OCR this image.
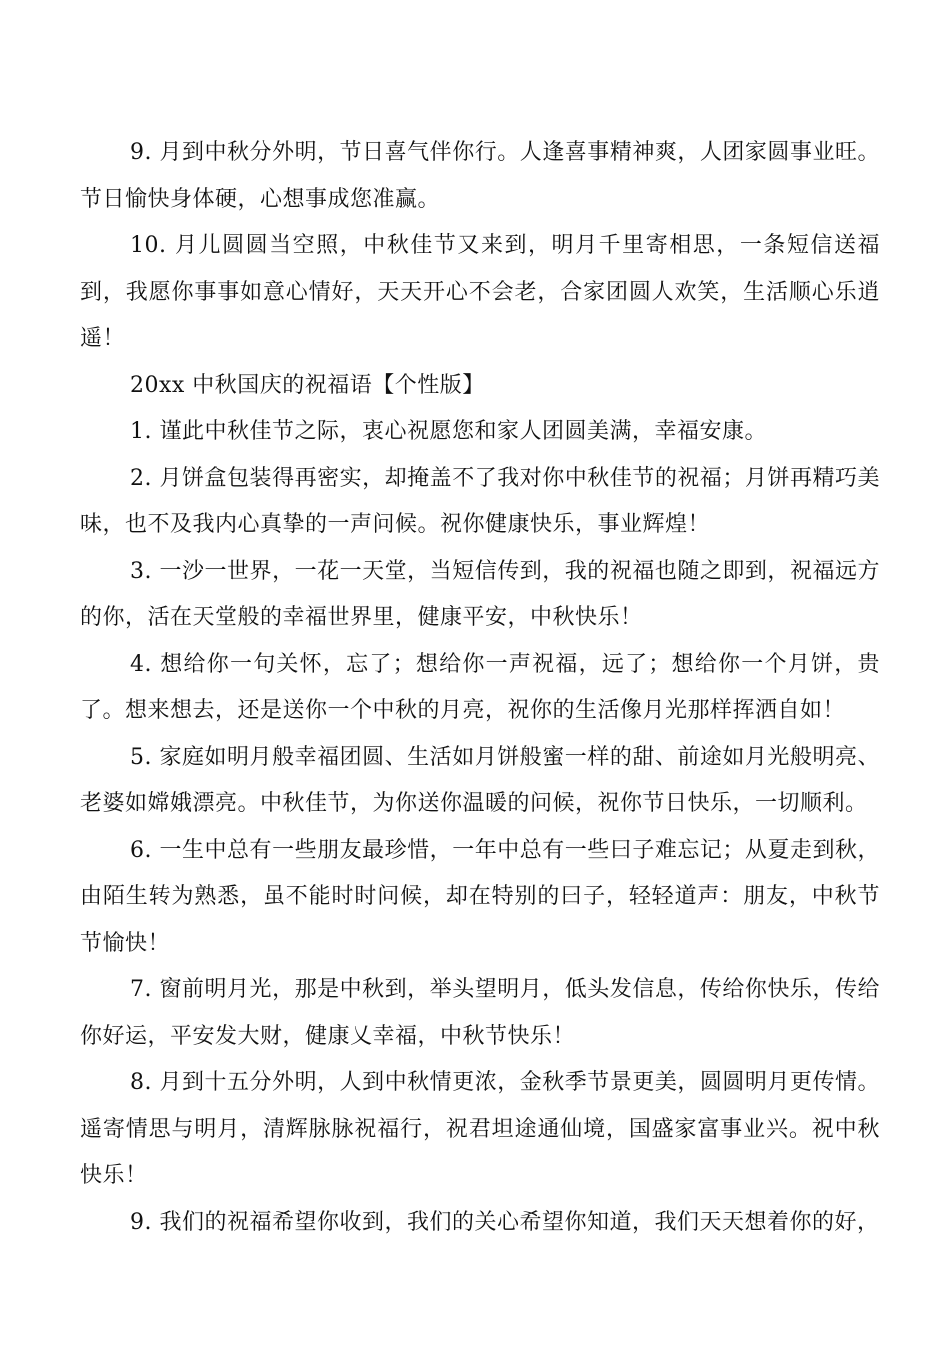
9. 月到中秋分外明，节日喜气伴你行。人逢喜事精神爽，人团家圆事业旺。节日愉快身体硬，心想事成您准赢。

10. 月儿圆圆当空照，中秋佳节又来到，明月千里寄相思，一条短信送福到，我愿你事事如意心情好，天天开心不会老，合家团圆人欢笑，生活顺心乐逍遥！

20xx 中秋国庆的祝福语【个性版】

1. 谨此中秋佳节之际，衷心祝愿您和家人团圆美满，幸福安康。

2. 月饼盒包装得再密实，却掩盖不了我对你中秋佳节的祝福；月饼再精巧美味，也不及我内心真挚的一声问候。祝你健康快乐，事业辉煌！

3. 一沙一世界，一花一天堂，当短信传到，我的祝福也随之即到，祝福远方的你，活在天堂般的幸福世界里，健康平安，中秋快乐！

4. 想给你一句关怀，忘了；想给你一声祝福，远了；想给你一个月饼，贵了。想来想去，还是送你一个中秋的月亮，祝你的生活像月光那样挥洒自如！

5. 家庭如明月般幸福团圆、生活如月饼般蜜一样的甜、前途如月光般明亮、老婆如嫦娥漂亮。中秋佳节，为你送你温暖的问候，祝你节日快乐，一切顺利。

6. 一生中总有一些朋友最珍惜，一年中总有一些曰子难忘记；从夏走到秋，由陌生转为熟悉，虽不能时时问候，却在特别的曰子，轻轻道声：朋友，中秋节节愉快！

7. 窗前明月光，那是中秋到，举头望明月，低头发信息，传给你快乐，传给你好运，平安发大财，健康乂幸福，中秋节快乐！

8. 月到十五分外明，人到中秋情更浓，金秋季节景更美，圆圆明月更传情。遥寄情思与明月，清辉脉脉祝福行，祝君坦途通仙境，国盛家富事业兴。祝中秋快乐！

9. 我们的祝福希望你收到，我们的关心希望你知道，我们天天想着你的好，
